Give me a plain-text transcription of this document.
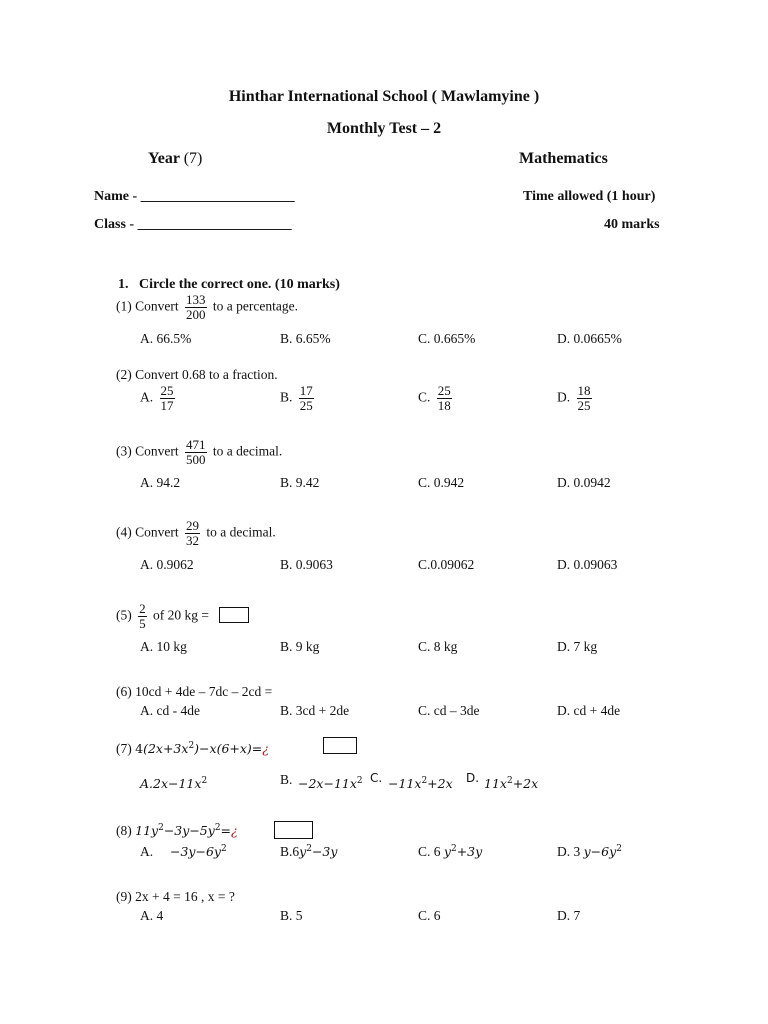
Hinthar International School ( Mawlamyine )
Monthly Test – 2
Year (7)	Mathematics
Name - ______________________	Time allowed (1 hour)
Class - ______________________	40 marks
1. Circle the correct one. (10 marks)
(1) Convert $\frac{133}{200}$ to a percentage.
A. 66.5%	B. 6.65%	C. 0.665%	D. 0.0665%
(2) Convert 0.68 to a fraction.
A. $\frac{25}{17}$	B. $\frac{17}{25}$	C. $\frac{25}{18}$	D. $\frac{18}{25}$
(3) Convert $\frac{471}{500}$ to a decimal.
A. 94.2	B. 9.42	C. 0.942	D. 0.0942
(4) Convert $\frac{29}{32}$ to a decimal.
A. 0.9062	B. 0.9063	C.0.09062	D. 0.09063
$(5) \frac{2}{5}$ of 20 kg =
A. 10 kg	B. 9 kg	C. 8 kg	D. 7 kg
(6) 10cd + 4de – 7dc – 2cd =
A. cd - 4de	B. 3cd + 2de	C. cd – 3de	D. cd + 4de
(7) $4(2x+3x^2)-x(6+x)=¿$
$A.2x-11x^2$	B. $-2x-11x^2$ C. $-11x^2+2x$ D. $11x^2+2x$
(8) $11y^2-3y-5y^2=¿$
A. $-3y-6y^2$	$B.6y^2-3y$	C. 6 $y^2+3y$	D. 3 $y-6y^2$
(9) 2x + 4 = 16 , x = ?
A. 4	B. 5	C. 6	D. 7
